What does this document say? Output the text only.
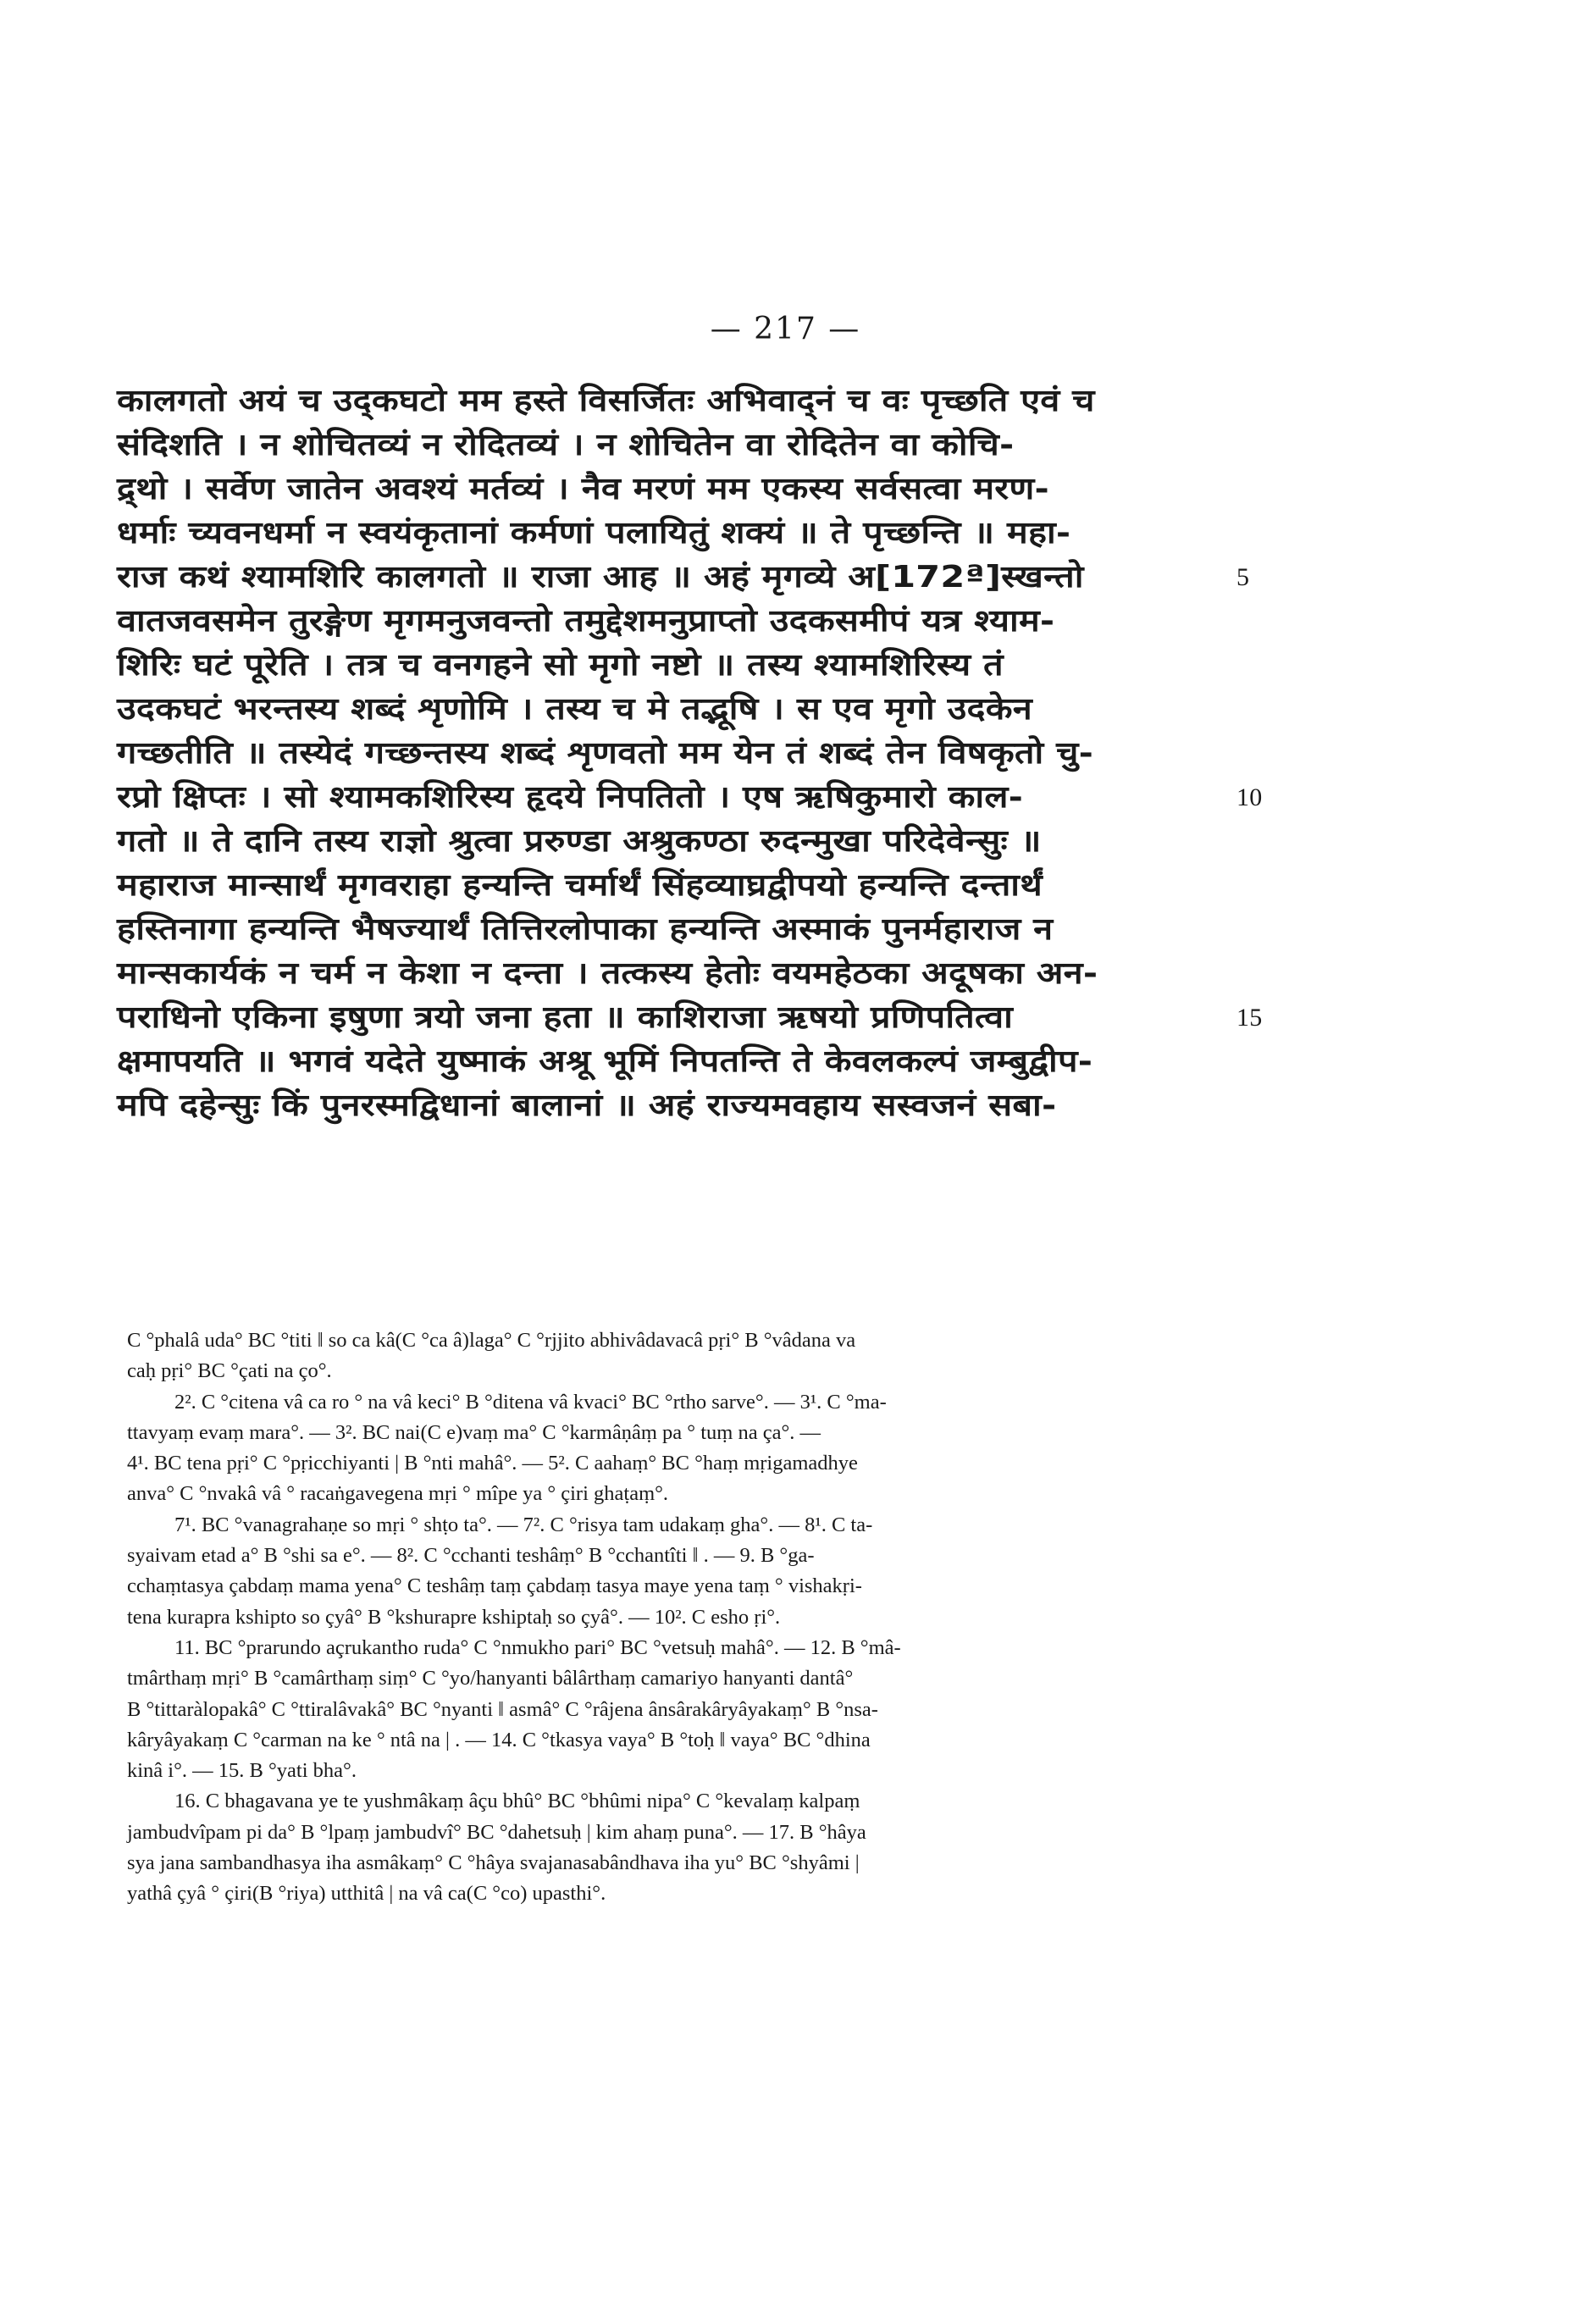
— 217 —
कालगतो अयं च उद्कघटो मम हस्ते विसर्जितः अभिवाद्नं च वः पृच्छति एवं च
संदिशति । न शोचितव्यं न रोदितव्यं । न शोचितेन वा रोदितेन वा कोचि-
द्र्थो । सर्वेण जातेन अवश्यं मर्तव्यं । नैव मरणं मम एकस्य सर्वसत्वा मरण-
धर्माः च्यवनधर्मा न स्वयंकृतानां कर्मणां पलायितुं शक्यं ॥ ते पृच्छन्ति ॥ महा-
राज कथं श्यामशिरि कालगतो ॥ राजा आह ॥ अहं मृगव्ये अ[172ª]स्खन्तो	5
वातजवसमेन तुरङ्गेण मृगमनुजवन्तो तमुद्देशमनुप्राप्तो उदकसमीपं यत्र श्याम-
शिरिः घटं पूरेति । तत्र च वनगहने सो मृगो नष्टो ॥ तस्य श्यामशिरिस्य तं
उदकघटं भरन्तस्य शब्दं शृणोमि । तस्य च मे तद्भूषि । स एव मृगो उदकेन
गच्छतीति ॥ तस्येदं गच्छन्तस्य शब्दं शृणवतो मम येन तं शब्दं तेन विषकृतो चु-
रप्रो क्षिप्तः । सो श्यामकशिरिस्य हृदये निपतितो । एष ऋषिकुमारो काल-	10
गतो ॥ ते दानि तस्य राज्ञो श्रुत्वा प्ररुण्डा अश्रुकण्ठा रुदन्मुखा परिदेवेन्सुः ॥
महाराज मान्सार्थं मृगवराहा हन्यन्ति चर्मार्थं सिंहव्याघ्रद्वीपयो हन्यन्ति दन्तार्थं
हस्तिनागा हन्यन्ति भैषज्यार्थं तित्तिरलोपाका हन्यन्ति अस्माकं पुनर्महाराज न
मान्सकार्यकं न चर्म न केशा न दन्ता । तत्कस्य हेतोः वयमहेठका अदूषका अन-
पराधिनो एकिना इषुणा त्रयो जना हता ॥ काशिराजा ऋषयो प्रणिपतित्वा	15
क्षमापयति ॥ भगवं यदेते युष्माकं अश्रू भूमिं निपतन्ति ते केवलकल्पं जम्बुद्वीप-
मपि दहेन्सुः किं पुनरस्मद्विधानां बालानां ॥ अहं राज्यमवहाय सस्वजनं सबा-
C °phalâ uda° BC °titi ‖ so ca kâ(C °ca â)laga° C °rjjito abhivâdavacâ pṛi° B °vâdana va
caḥ pṛi° BC °çati na ço°.
2². C °citena vâ ca ro ° na vâ keci° B °ditena vâ kvaci° BC °rtho sarve°. — 3¹. C °ma-
ttavyaṃ evaṃ mara°. — 3². BC nai(C e)vaṃ ma° C °karmâṇâṃ pa ° tuṃ na ça°. —
4¹. BC tena pṛi° C °pṛicchiyanti | B °nti mahâ°. — 5². C aahaṃ° BC °haṃ mṛigamadhye
anva° C °nvakâ vâ ° racaṅgavegena mṛi ° mîpe ya ° çiri ghaṭaṃ°.
7¹. BC °vanagrahaṇe so mṛi ° shṭo ta°. — 7². C °risya tam udakaṃ gha°. — 8¹. C ta-
syaivam etad a° B °shi sa e°. — 8². C °cchanti teshâṃ° B °cchantîti ‖ . — 9. B °ga-
cchaṃtasya çabdaṃ mama yena° C teshâṃ taṃ çabdaṃ tasya maye yena taṃ ° vishakṛi-
tena kurapra kshipto so çyâ° B °kshurapre kshiptaḥ so çyâ°. — 10². C esho ṛi°.
11. BC °prarundo açrukantho ruda° C °nmukho pari° BC °vetsuḥ mahâ°. — 12. B °mâ-
tmârthaṃ mṛi° B °camârthaṃ siṃ° C °yo/hanyanti bâlârthaṃ camariyo hanyanti dantâ°
B °tittaràlopakâ° C °ttiralâvakâ° BC °nyanti ‖ asmâ° C °râjena ânsârakâryâyakaṃ° B °nsa-
kâryâyakaṃ C °carman na ke ° ntâ na | . — 14. C °tkasya vaya° B °toḥ ‖ vaya° BC °dhina
kinâ i°. — 15. B °yati bha°.
16. C bhagavana ye te yushmâkaṃ âçu bhû° BC °bhûmi nipa° C °kevalaṃ kalpaṃ
jambudvîpam pi da° B °lpaṃ jambudvî° BC °dahetsuḥ | kim ahaṃ puna°. — 17. B °hâya
sya jana sambandhasya iha asmâkaṃ° C °hâya svajanasabândhava iha yu° BC °shyâmi |
yathâ çyâ ° çiri(B °riya) utthitâ | na vâ ca(C °co) upasthi°.
